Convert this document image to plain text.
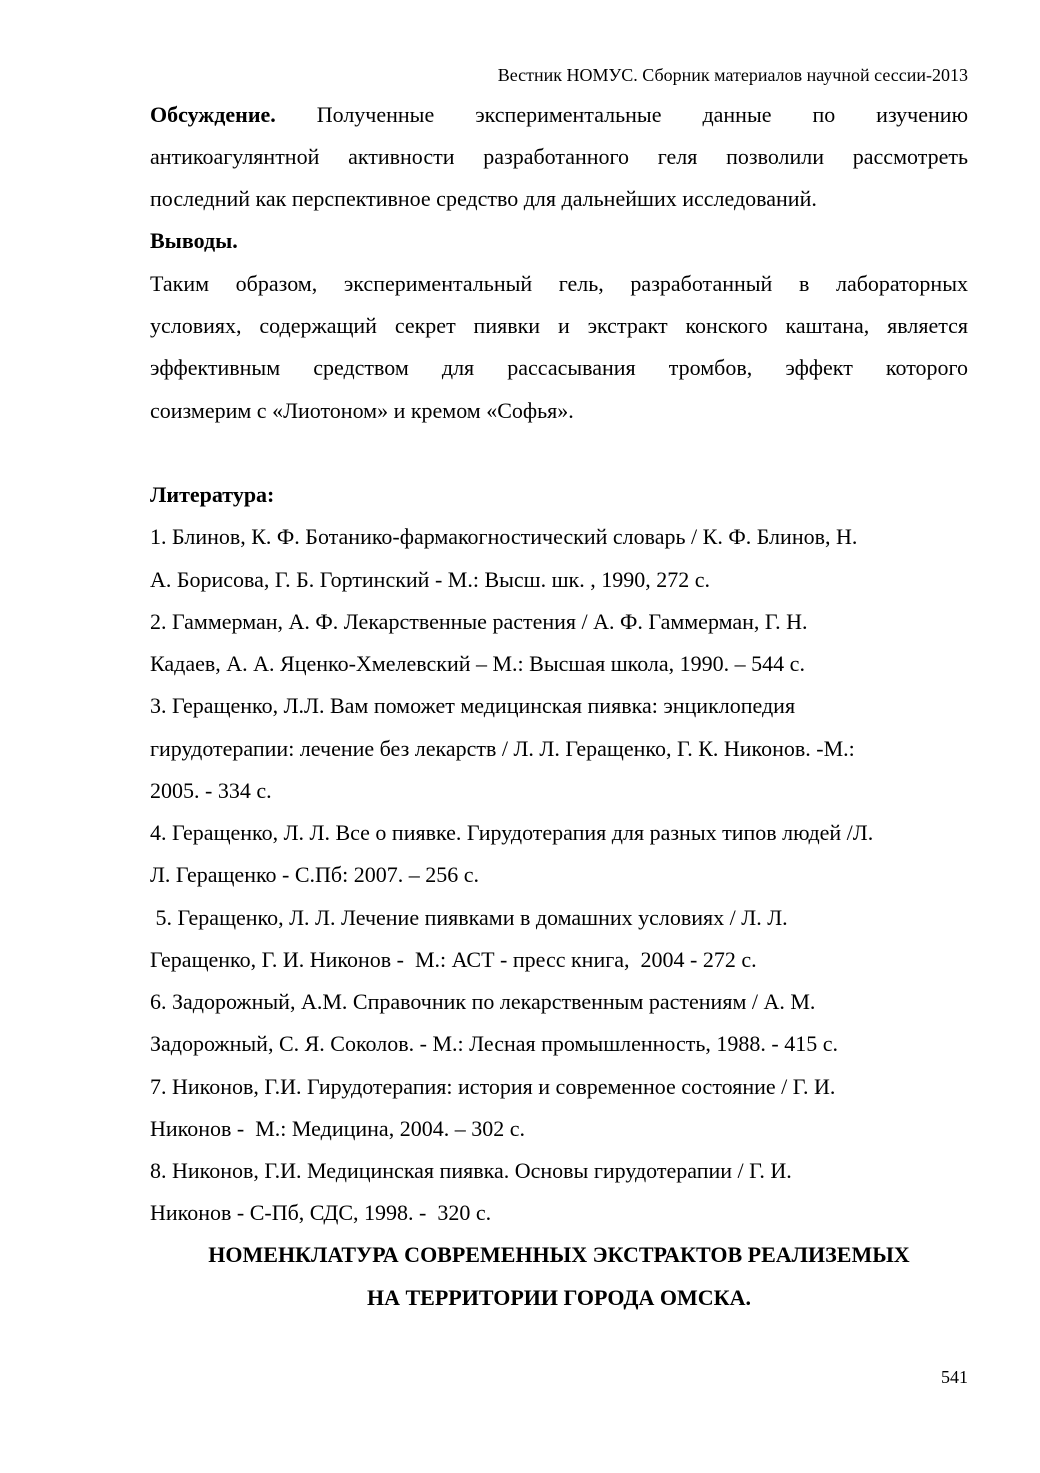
Вестник НОМУС. Сборник материалов научной сессии-2013
Обсуждение. Полученные экспериментальные данные по изучению
антикоагулянтной активности разработанного геля позволили рассмотреть
последний как перспективное средство для дальнейших исследований.
Выводы.
Таким образом, экспериментальный гель, разработанный в лабораторных
условиях, содержащий секрет пиявки и экстракт конского каштана, является
эффективным средством для рассасывания тромбов, эффект которого
соизмерим с «Лиотоном» и кремом «Софья».
Литература:
1. Блинов, К. Ф. Ботанико-фармакогностический словарь / К. Ф. Блинов, Н.
А. Борисова, Г. Б. Гортинский - М.: Высш. шк. , 1990, 272 с.
2. Гаммерман, А. Ф. Лекарственные растения / А. Ф. Гаммерман, Г. Н.
Кадаев, А. А. Яценко-Хмелевский – М.: Высшая школа, 1990. – 544 с.
3. Геращенко, Л.Л. Вам поможет медицинская пиявка: энциклопедия
гирудотерапии: лечение без лекарств / Л. Л. Геращенко, Г. К. Никонов. -М.:
2005. - 334 с.
4. Геращенко, Л. Л. Все о пиявке. Гирудотерапия для разных типов людей /Л.
Л. Геращенко - С.Пб: 2007. – 256 с.
5. Геращенко, Л. Л. Лечение пиявками в домашних условиях / Л. Л.
Геращенко, Г. И. Никонов -  М.: АСТ - пресс книга,  2004 - 272 с.
6. Задорожный, А.М. Справочник по лекарственным растениям / А. М.
Задорожный, С. Я. Соколов. - М.: Лесная промышленность, 1988. - 415 с.
7. Никонов, Г.И. Гирудотерапия: история и современное состояние / Г. И.
Никонов -  М.: Медицина, 2004. – 302 с.
8. Никонов, Г.И. Медицинская пиявка. Основы гирудотерапии / Г. И.
Никонов - С-Пб, СДС, 1998. -  320 с.
НОМЕНКЛАТУРА СОВРЕМЕННЫХ ЭКСТРАКТОВ РЕАЛИЗЕМЫХ
НА ТЕРРИТОРИИ ГОРОДА ОМСКА.
541
